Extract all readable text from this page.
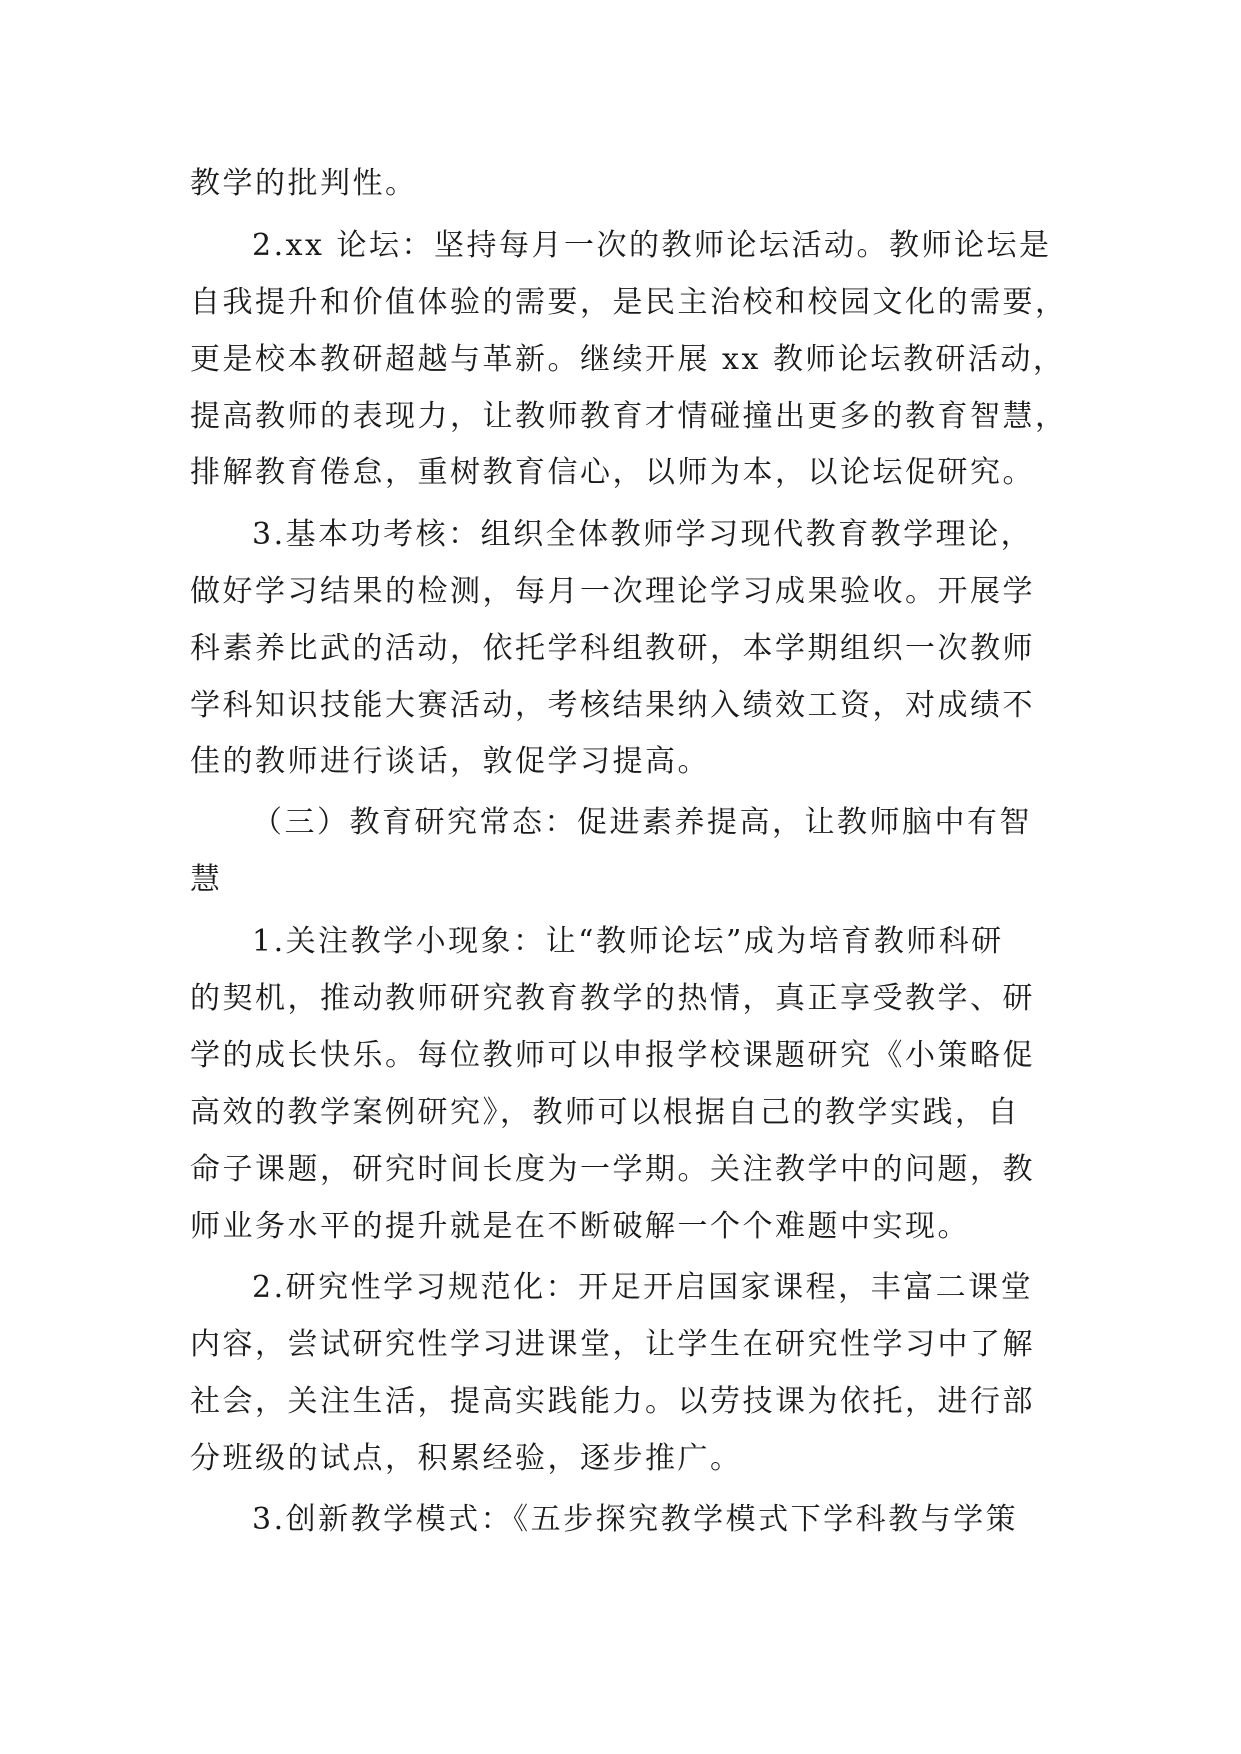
教学的批判性。
2.xx 论坛：坚持每月一次的教师论坛活动。教师论坛是
自我提升和价值体验的需要，是民主治校和校园文化的需要，
更是校本教研超越与革新。继续开展 xx 教师论坛教研活动，
提高教师的表现力，让教师教育才情碰撞出更多的教育智慧，
排解教育倦怠，重树教育信心，以师为本，以论坛促研究。
3.基本功考核：组织全体教师学习现代教育教学理论，
做好学习结果的检测，每月一次理论学习成果验收。开展学
科素养比武的活动，依托学科组教研，本学期组织一次教师
学科知识技能大赛活动，考核结果纳入绩效工资，对成绩不
佳的教师进行谈话，敦促学习提高。
（三）教育研究常态：促进素养提高，让教师脑中有智
慧
1.关注教学小现象：让“教师论坛”成为培育教师科研
的契机，推动教师研究教育教学的热情，真正享受教学、研
学的成长快乐。每位教师可以申报学校课题研究《小策略促
高效的教学案例研究》，教师可以根据自己的教学实践，自
命子课题，研究时间长度为一学期。关注教学中的问题，教
师业务水平的提升就是在不断破解一个个难题中实现。
2.研究性学习规范化：开足开启国家课程，丰富二课堂
内容，尝试研究性学习进课堂，让学生在研究性学习中了解
社会，关注生活，提高实践能力。以劳技课为依托，进行部
分班级的试点，积累经验，逐步推广。
3.创新教学模式：《五步探究教学模式下学科教与学策
